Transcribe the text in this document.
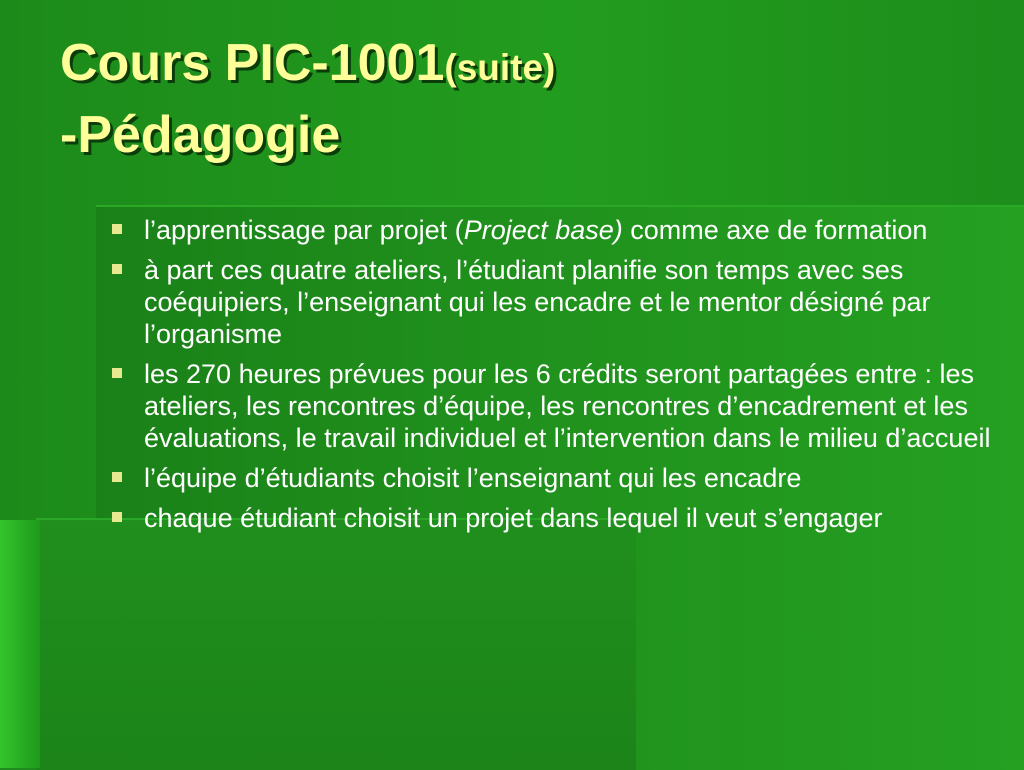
Cours PIC-1001(suite)
-Pédagogie
l’apprentissage par projet (Project base) comme axe de formation
à part ces quatre ateliers, l’étudiant planifie son temps avec ses coéquipiers, l’enseignant qui les encadre et le mentor désigné par l’organisme
les 270 heures prévues pour les 6 crédits seront partagées entre : les ateliers, les rencontres d’équipe, les rencontres d’encadrement et les évaluations, le travail individuel et l’intervention dans le milieu d’accueil
l’équipe d’étudiants choisit l’enseignant qui les encadre
chaque étudiant choisit un projet dans lequel il veut s’engager
